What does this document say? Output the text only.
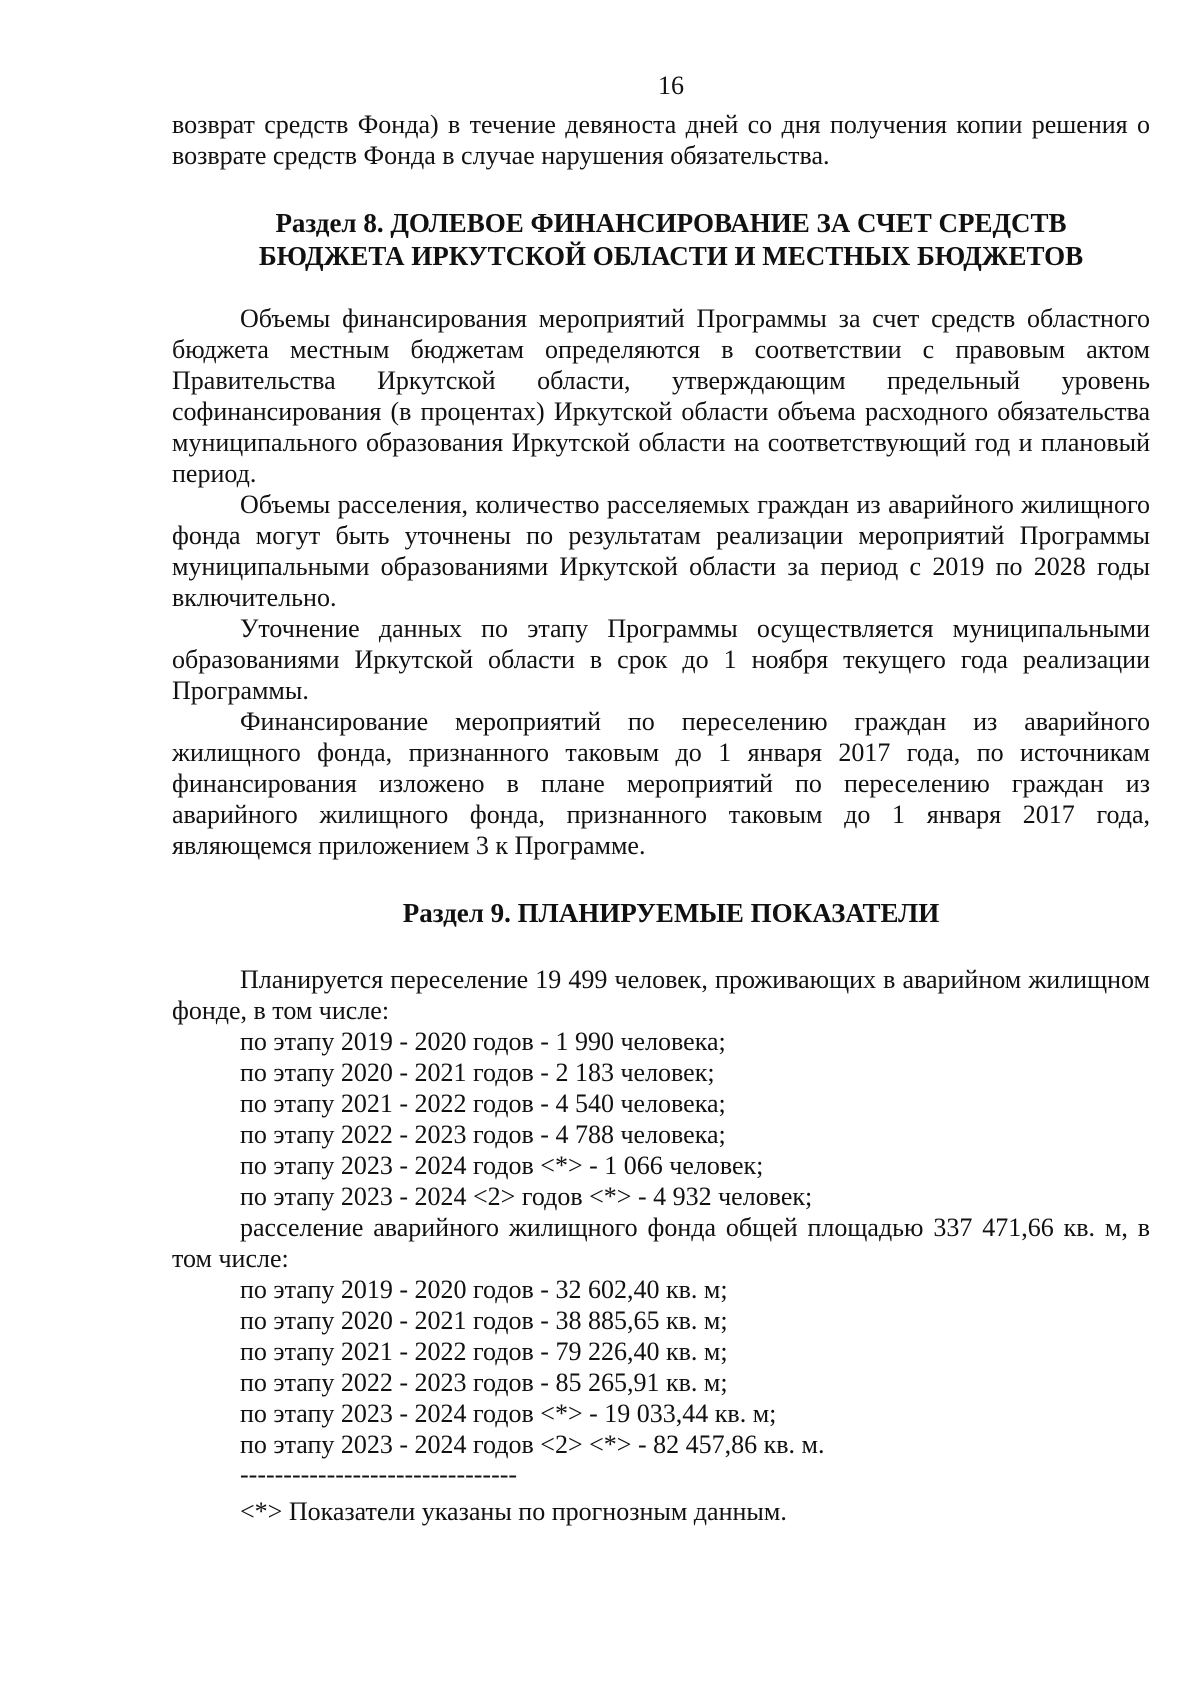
16

возврат средств Фонда) в течение девяноста дней со дня получения копии решения о возврате средств Фонда в случае нарушения обязательства.

Раздел 8. ДОЛЕВОЕ ФИНАНСИРОВАНИЕ ЗА СЧЕТ СРЕДСТВ
БЮДЖЕТА ИРКУТСКОЙ ОБЛАСТИ И МЕСТНЫХ БЮДЖЕТОВ

Объемы финансирования мероприятий Программы за счет средств областного бюджета местным бюджетам определяются в соответствии с правовым актом Правительства Иркутской области, утверждающим предельный уровень софинансирования (в процентах) Иркутской области объема расходного обязательства муниципального образования Иркутской области на соответствующий год и плановый период.

Объемы расселения, количество расселяемых граждан из аварийного жилищного фонда могут быть уточнены по результатам реализации мероприятий Программы муниципальными образованиями Иркутской области за период с 2019 по 2028 годы включительно.

Уточнение данных по этапу Программы осуществляется муниципальными образованиями Иркутской области в срок до 1 ноября текущего года реализации Программы.

Финансирование мероприятий по переселению граждан из аварийного жилищного фонда, признанного таковым до 1 января 2017 года, по источникам финансирования изложено в плане мероприятий по переселению граждан из аварийного жилищного фонда, признанного таковым до 1 января 2017 года, являющемся приложением 3 к Программе.

Раздел 9. ПЛАНИРУЕМЫЕ ПОКАЗАТЕЛИ

Планируется переселение 19 499 человек, проживающих в аварийном жилищном фонде, в том числе:

по этапу 2019 - 2020 годов - 1 990 человека;
по этапу 2020 - 2021 годов - 2 183 человек;
по этапу 2021 - 2022 годов - 4 540 человека;
по этапу 2022 - 2023 годов - 4 788 человека;
по этапу 2023 - 2024 годов <*> - 1 066 человек;
по этапу 2023 - 2024 <2> годов <*> - 4 932 человек;

расселение аварийного жилищного фонда общей площадью 337 471,66 кв. м, в том числе:

по этапу 2019 - 2020 годов - 32 602,40 кв. м;
по этапу 2020 - 2021 годов - 38 885,65 кв. м;
по этапу 2021 - 2022 годов - 79 226,40 кв. м;
по этапу 2022 - 2023 годов - 85 265,91 кв. м;
по этапу 2023 - 2024 годов <*> - 19 033,44 кв. м;
по этапу 2023 - 2024 годов <2> <*> - 82 457,86 кв. м.
--------------------------------

<*> Показатели указаны по прогнозным данным.
